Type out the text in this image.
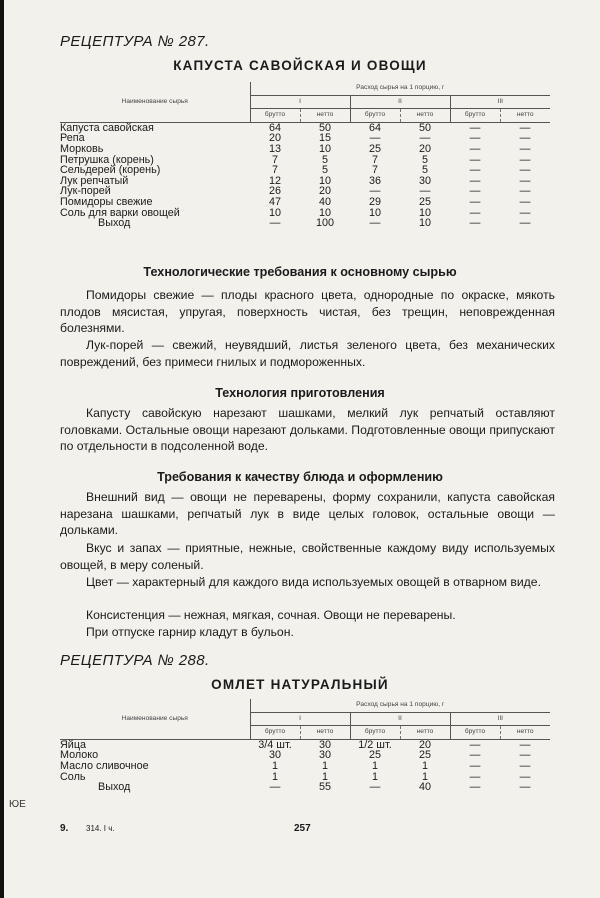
ЮЕ
РЕЦЕПТУРА № 287.
КАПУСТА САВОЙСКАЯ И ОВОЩИ
Наименование сырья	Расход сырья на 1 порцию, г					
	I		II		III	
	брутто	нетто	брутто	нетто	брутто	нетто
Капуста савойская	64	50	64	50	—	—
Репа	20	15	—	—	—	—
Морковь	13	10	25	20	—	—
Петрушка (корень)	7	5	7	5	—	—
Сельдерей (корень)	7	5	7	5	—	—
Лук репчатый	12	10	36	30	—	—
Лук-порей	26	20	—	—	—	—
Помидоры свежие	47	40	29	25	—	—
Соль для варки овощей	10	10	10	10	—	—
Выход	—	100	—	10	—	—
Технологические требования к основному сырью

Помидоры свежие — плоды красного цвета, однородные по окраске, мякоть плодов мясистая, упругая, поверхность чистая, без трещин, неповрежденная болезнями.

Лук-порей — свежий, неувядший, листья зеленого цвета, без механических повреждений, без примеси гнилых и подмороженных.

Технология приготовления

Капусту савойскую нарезают шашками, мелкий лук репчатый оставляют головками. Остальные овощи нарезают дольками. Подготовленные овощи припускают по отдельности в подсоленной воде.

Требования к качеству блюда и оформлению

Внешний вид — овощи не переварены, форму сохранили, капуста савойская нарезана шашками, репчатый лук в виде целых головок, остальные овощи — дольками.

Вкус и запах — приятные, нежные, свойственные каждому виду используемых овощей, в меру соленый.

Цвет — характерный для каждого вида используемых овощей в отварном виде.

Консистенция — нежная, мягкая, сочная. Овощи не переварены.

При отпуске гарнир кладут в бульон.

РЕЦЕПТУРА № 288.
ОМЛЕТ НАТУРАЛЬНЫЙ
Наименование сырья	Расход сырья на 1 порцию, г					
	I		II		III	
	брутто	нетто	брутто	нетто	брутто	нетто
Яйца	3/4 шт.	30	1/2 шт.	20	—	—
Молоко	30	30	25	25	—	—
Масло сливочное	1	1	1	1	—	—
Соль	1	1	1	1	—	—
Выход	—	55	—	40	—	—
9. 314. I ч.	257
